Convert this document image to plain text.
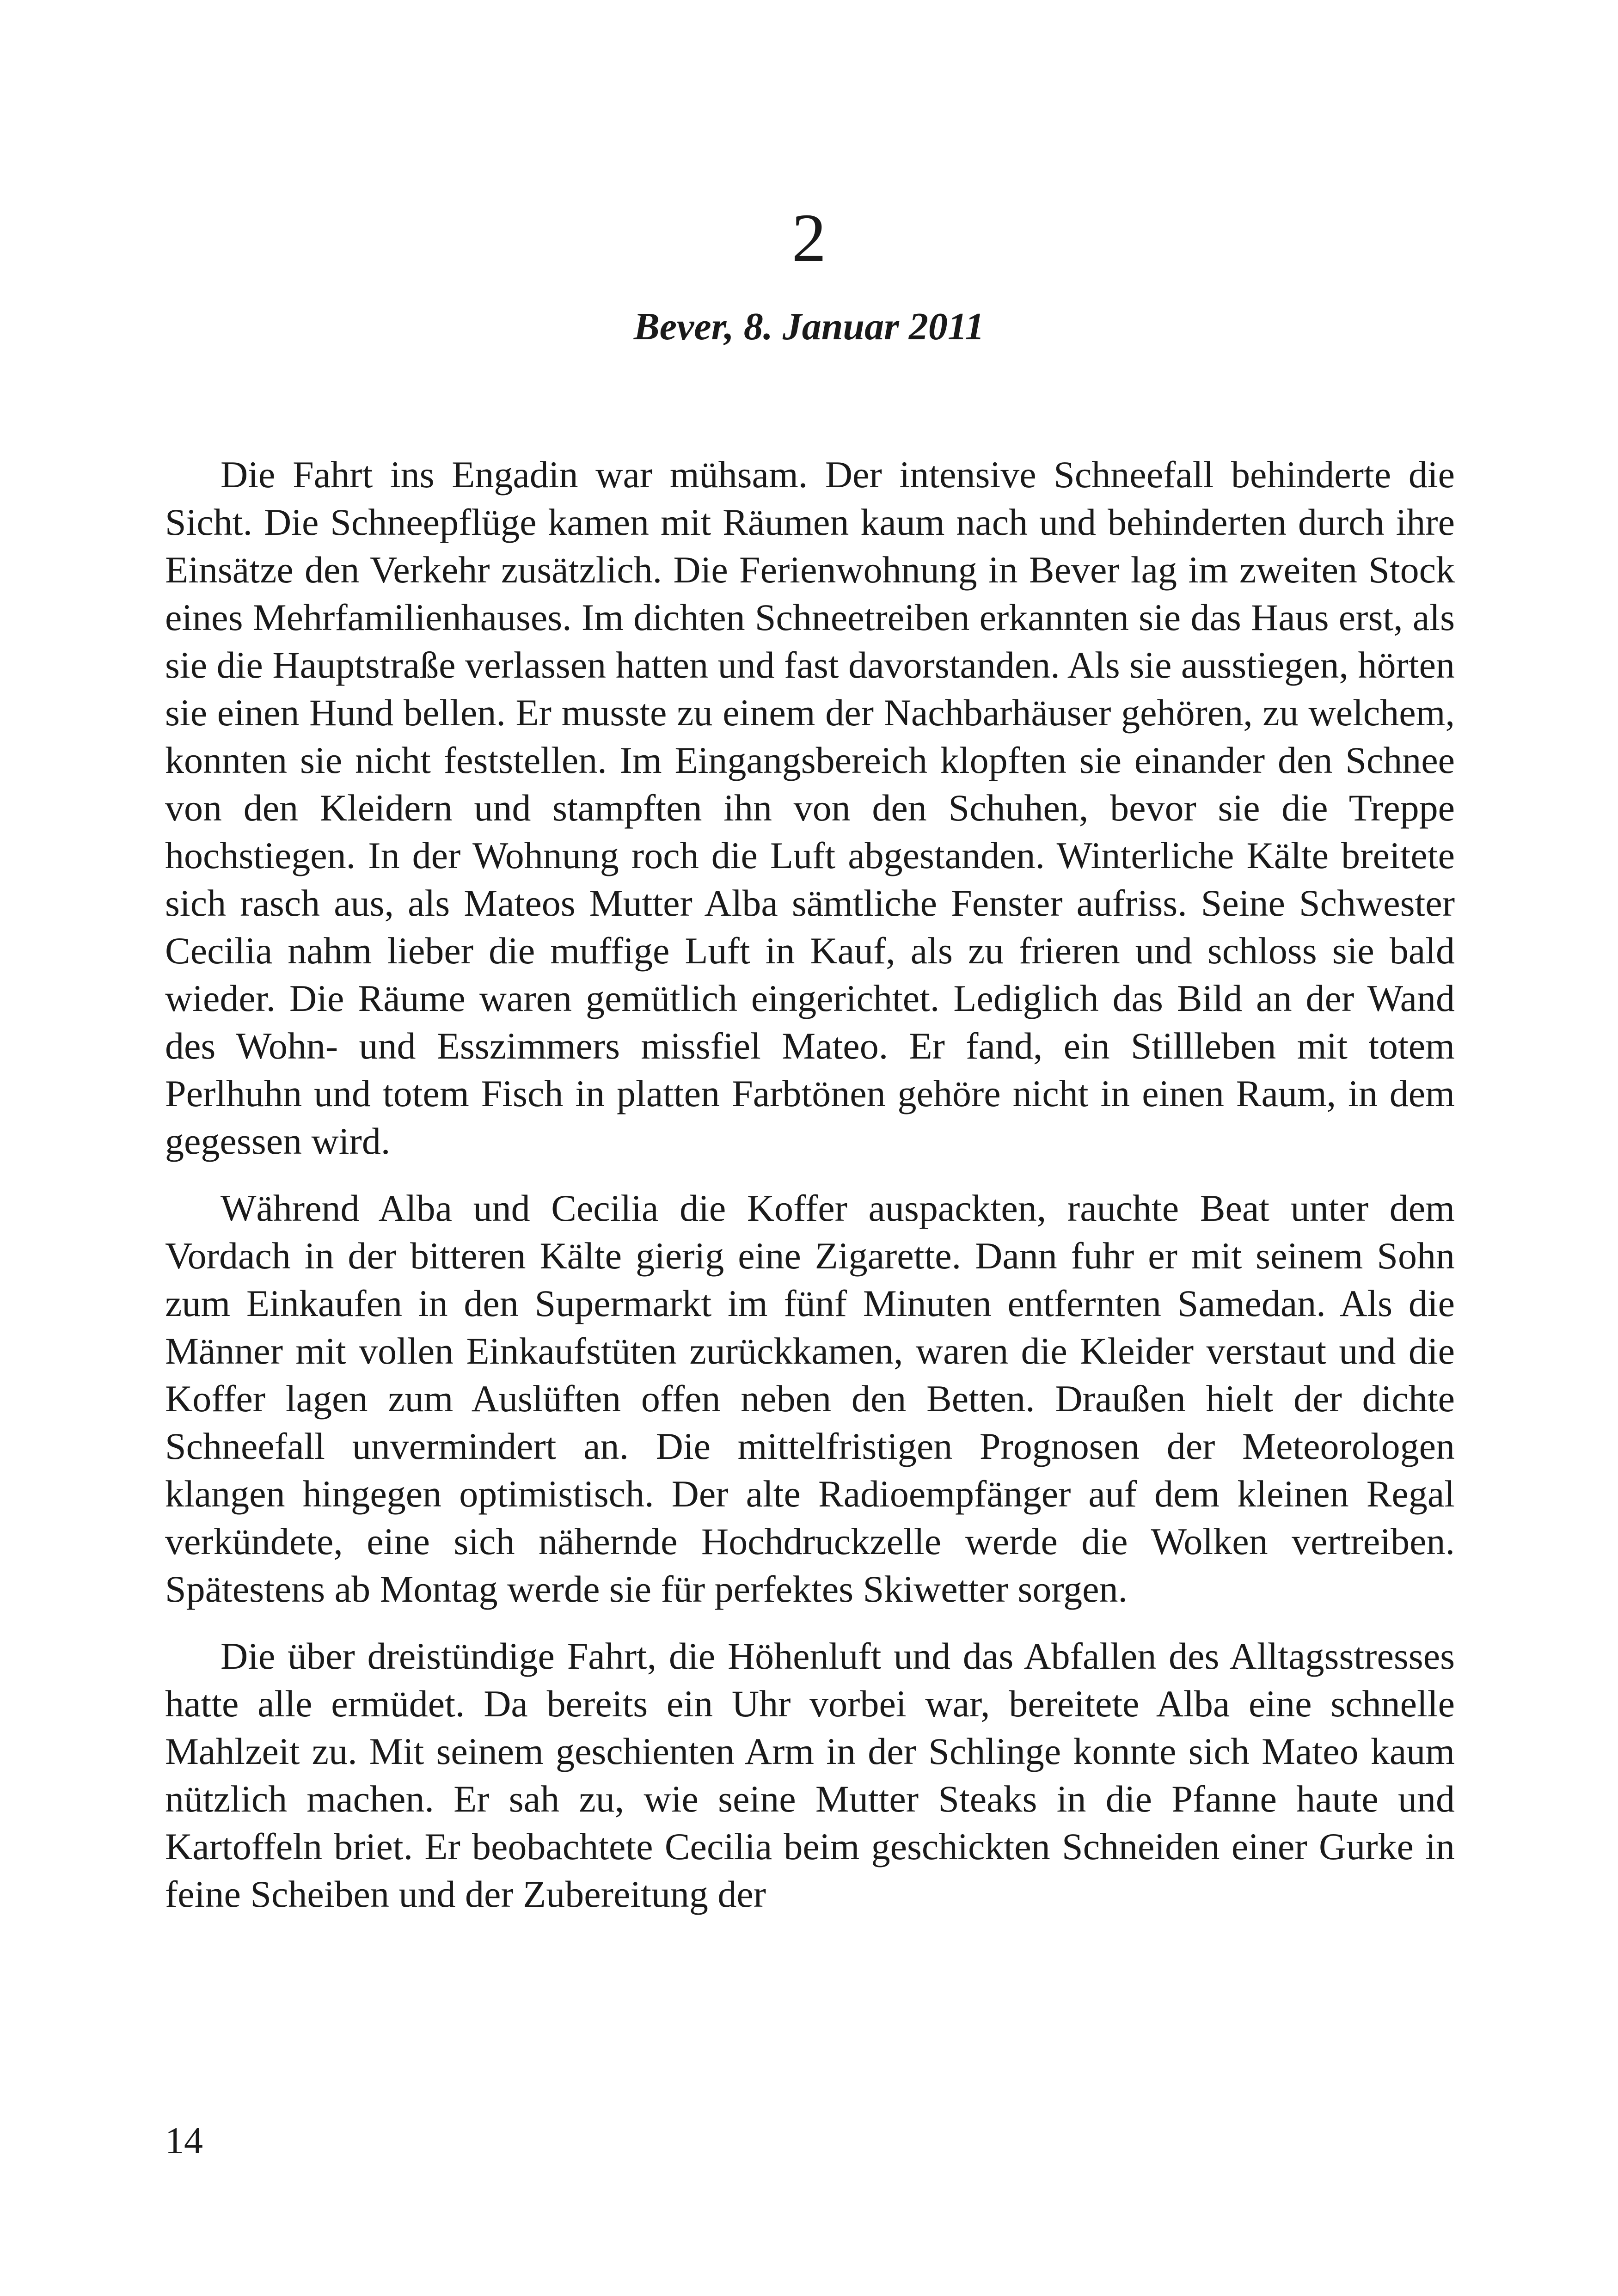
2
Bever, 8. Januar 2011

Die Fahrt ins Engadin war mühsam. Der intensive Schneefall behinderte die Sicht. Die Schneepflüge kamen mit Räumen kaum nach und behinderten durch ihre Einsätze den Verkehr zusätzlich. Die Ferienwohnung in Bever lag im zweiten Stock eines Mehrfamilienhauses. Im dichten Schneetreiben erkannten sie das Haus erst, als sie die Hauptstraße verlassen hatten und fast davorstanden. Als sie ausstiegen, hörten sie einen Hund bellen. Er musste zu einem der Nachbarhäuser gehören, zu welchem, konnten sie nicht feststellen. Im Eingangsbereich klopften sie einander den Schnee von den Kleidern und stampften ihn von den Schuhen, bevor sie die Treppe hochstiegen. In der Wohnung roch die Luft abgestanden. Winterliche Kälte breitete sich rasch aus, als Mateos Mutter Alba sämtliche Fenster aufriss. Seine Schwester Cecilia nahm lieber die muffige Luft in Kauf, als zu frieren und schloss sie bald wieder. Die Räume waren gemütlich eingerichtet. Lediglich das Bild an der Wand des Wohn- und Esszimmers missfiel Mateo. Er fand, ein Stillleben mit totem Perlhuhn und totem Fisch in platten Farbtönen gehöre nicht in einen Raum, in dem gegessen wird.

Während Alba und Cecilia die Koffer auspackten, rauchte Beat unter dem Vordach in der bitteren Kälte gierig eine Zigarette. Dann fuhr er mit seinem Sohn zum Einkaufen in den Supermarkt im fünf Minuten entfernten Samedan. Als die Männer mit vollen Einkaufstüten zurückkamen, waren die Kleider verstaut und die Koffer lagen zum Auslüften offen neben den Betten. Draußen hielt der dichte Schneefall unvermindert an. Die mittelfristigen Prognosen der Meteorologen klangen hingegen optimistisch. Der alte Radioempfänger auf dem kleinen Regal verkündete, eine sich nähernde Hochdruckzelle werde die Wolken vertreiben. Spätestens ab Montag werde sie für perfektes Skiwetter sorgen.

Die über dreistündige Fahrt, die Höhenluft und das Abfallen des Alltagsstresses hatte alle ermüdet. Da bereits ein Uhr vorbei war, bereitete Alba eine schnelle Mahlzeit zu. Mit seinem geschienten Arm in der Schlinge konnte sich Mateo kaum nützlich machen. Er sah zu, wie seine Mutter Steaks in die Pfanne haute und Kartoffeln briet. Er beobachtete Cecilia beim geschickten Schneiden einer Gurke in feine Scheiben und der Zubereitung der

14
